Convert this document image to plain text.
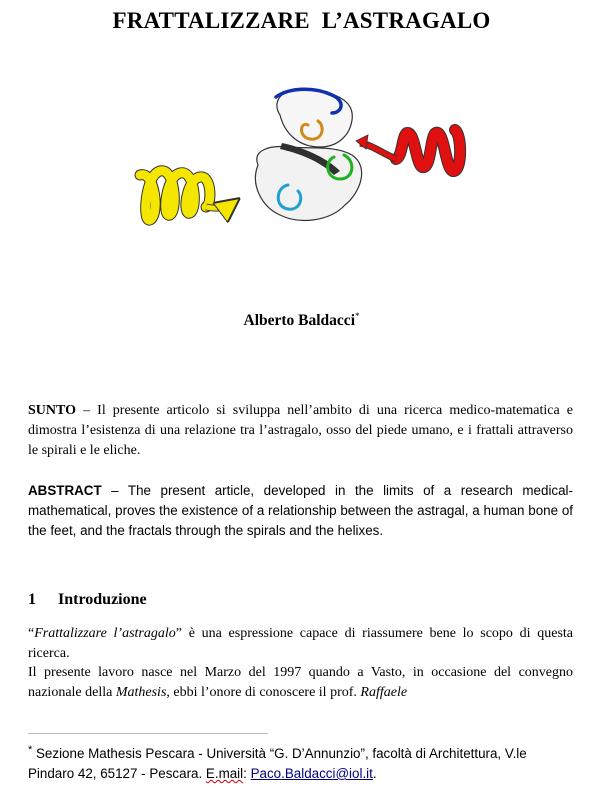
FRATTALIZZARE  L’ASTRAGALO
Alberto Baldacci*

SUNTO – Il presente articolo si sviluppa nell’ambito di una ricerca medico-matematica e dimostra l’esistenza di una relazione tra l’astragalo, osso del piede umano, e i frattali attraverso le spirali e le eliche.

ABSTRACT – The present article, developed in the limits of a research medical-mathematical, proves the existence of a relationship between the astragal, a human bone of the feet, and the fractals through the spirals and the helixes.

1 Introduzione

“Frattalizzare l’astragalo” è una espressione capace di riassumere bene lo scopo di questa ricerca.

Il presente lavoro nasce nel Marzo del 1997 quando a Vasto, in occasione del convegno nazionale della Mathesis, ebbi l’onore di conoscere il prof. Raffaele

* Sezione Mathesis Pescara - Università “G. D’Annunzio”, facoltà di Architettura, V.le Pindaro 42, 65127 - Pescara. E.mail: Paco.Baldacci@iol.it.
